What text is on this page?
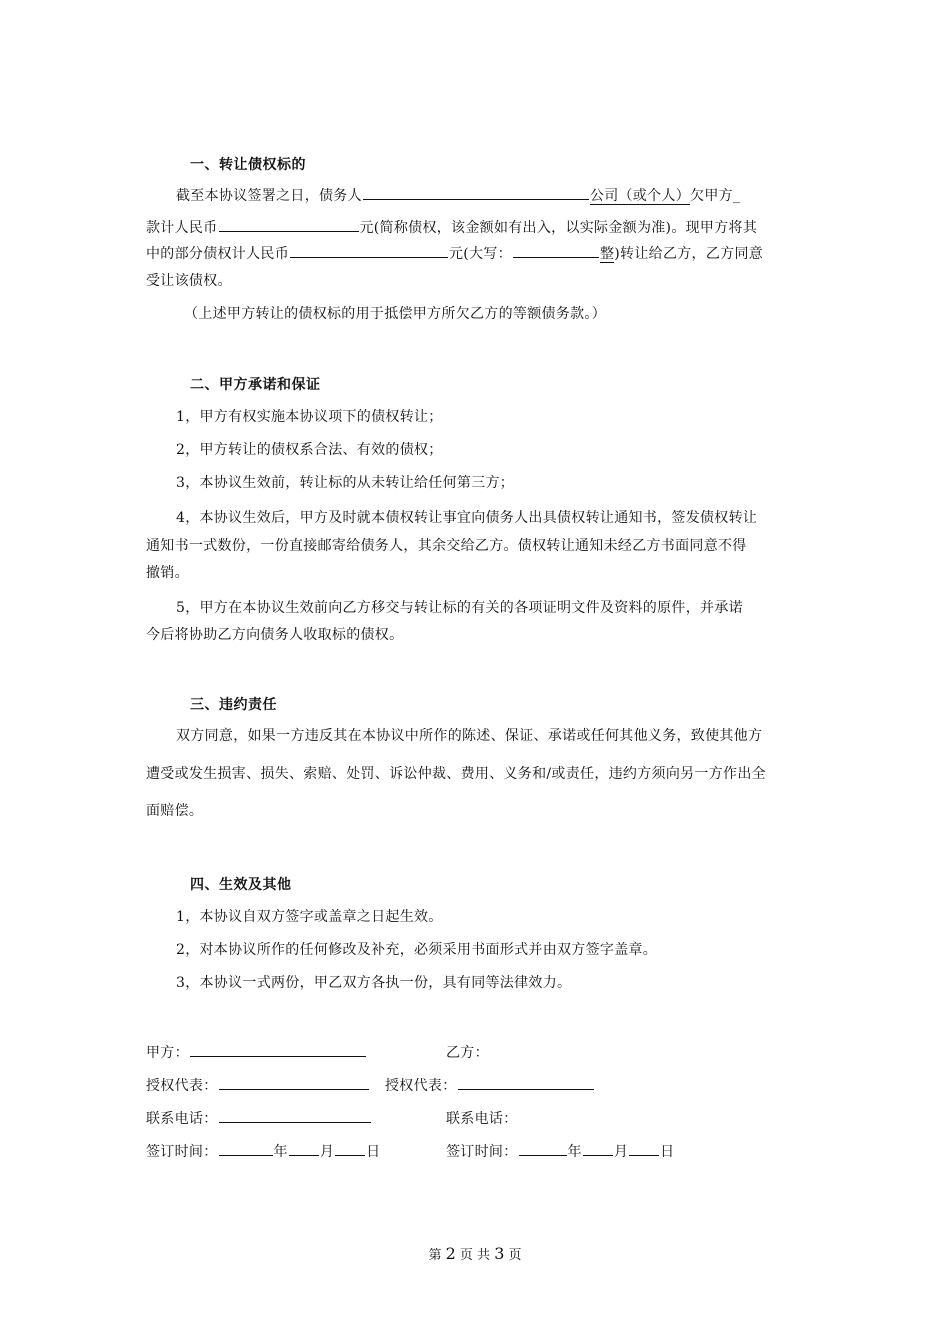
一、转让债权标的
截至本协议签署之日，债务人	公司（或个人）欠甲方_
款计人民币	元(简称债权，该金额如有出入，以实际金额为准)。现甲方将其
中的部分债权计人民币	元(大写：	整)转让给乙方，乙方同意
受让该债权。
（上述甲方转让的债权标的用于抵偿甲方所欠乙方的等额债务款。）
二、甲方承诺和保证
1，甲方有权实施本协议项下的债权转让；
2，甲方转让的债权系合法、有效的债权；
3，本协议生效前，转让标的从未转让给任何第三方；
4，本协议生效后，甲方及时就本债权转让事宜向债务人出具债权转让通知书，签发债权转让
通知书一式数份，一份直接邮寄给债务人，其余交给乙方。债权转让通知未经乙方书面同意不得
撤销。
5，甲方在本协议生效前向乙方移交与转让标的有关的各项证明文件及资料的原件，并承诺
今后将协助乙方向债务人收取标的债权。
三、违约责任
双方同意，如果一方违反其在本协议中所作的陈述、保证、承诺或任何其他义务，致使其他方
遭受或发生损害、损失、索赔、处罚、诉讼仲裁、费用、义务和/或责任，违约方须向另一方作出全
面赔偿。
四、生效及其他
1，本协议自双方签字或盖章之日起生效。
2，对本协议所作的任何修改及补充，必须采用书面形式并由双方签字盖章。
3，本协议一式两份，甲乙双方各执一份，具有同等法律效力。
甲方：	乙方：
授权代表：	授权代表：
联系电话：	联系电话：
签订时间：	年 月 日	签订时间：	年 月 日
第 2 页 共 3 页
